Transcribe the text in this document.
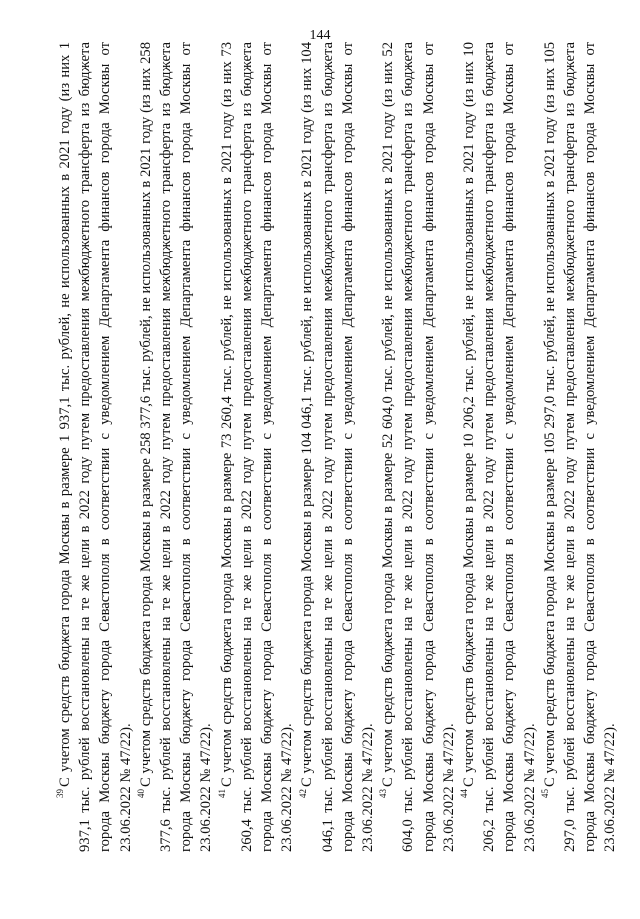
144

$^{39}$С учетом средств бюджета города Москвы в размере 1 937,1 тыс. рублей, не использованных в 2021 году (из них 1 937,1 тыс. рублей восстановлены на те же цели в 2022 году путем предоставления межбюджетного трансферта из бюджета города Москвы бюджету города Севастополя в соответствии с уведомлением Департамента финансов города Москвы от 23.06.2022 № 47/22). $^{40}$С учетом средств бюджета города Москвы в размере 258 377,6 тыс. рублей, не использованных в 2021 году (из них 258 377,6 тыс. рублей восстановлены на те же цели в 2022 году путем предоставления межбюджетного трансферта из бюджета города Москвы бюджету города Севастополя в соответствии с уведомлением Департамента финансов города Москвы от 23.06.2022 № 47/22). $^{41}$С учетом средств бюджета города Москвы в размере 73 260,4 тыс. рублей, не использованных в 2021 году (из них 73 260,4 тыс. рублей восстановлены на те же цели в 2022 году путем предоставления межбюджетного трансферта из бюджета города Москвы бюджету города Севастополя в соответствии с уведомлением Департамента финансов города Москвы от 23.06.2022 № 47/22). $^{42}$С учетом средств бюджета города Москвы в размере 104 046,1 тыс. рублей, не использованных в 2021 году (из них 104 046,1 тыс. рублей восстановлены на те же цели в 2022 году путем предоставления межбюджетного трансферта из бюджета города Москвы бюджету города Севастополя в соответствии с уведомлением Департамента финансов города Москвы от 23.06.2022 № 47/22). $^{43}$С учетом средств бюджета города Москвы в размере 52 604,0 тыс. рублей, не использованных в 2021 году (из них 52 604,0 тыс. рублей восстановлены на те же цели в 2022 году путем предоставления межбюджетного трансферта из бюджета города Москвы бюджету города Севастополя в соответствии с уведомлением Департамента финансов города Москвы от 23.06.2022 № 47/22). $^{44}$С учетом средств бюджета города Москвы в размере 10 206,2 тыс. рублей, не использованных в 2021 году (из них 10 206,2 тыс. рублей восстановлены на те же цели в 2022 году путем предоставления межбюджетного трансферта из бюджета города Москвы бюджету города Севастополя в соответствии с уведомлением Департамента финансов города Москвы от 23.06.2022 № 47/22). $^{45}$С учетом средств бюджета города Москвы в размере 105 297,0 тыс. рублей, не использованных в 2021 году (из них 105 297,0 тыс. рублей восстановлены на те же цели в 2022 году путем предоставления межбюджетного трансферта из бюджета города Москвы бюджету города Севастополя в соответствии с уведомлением Департамента финансов города Москвы от 23.06.2022 № 47/22).
